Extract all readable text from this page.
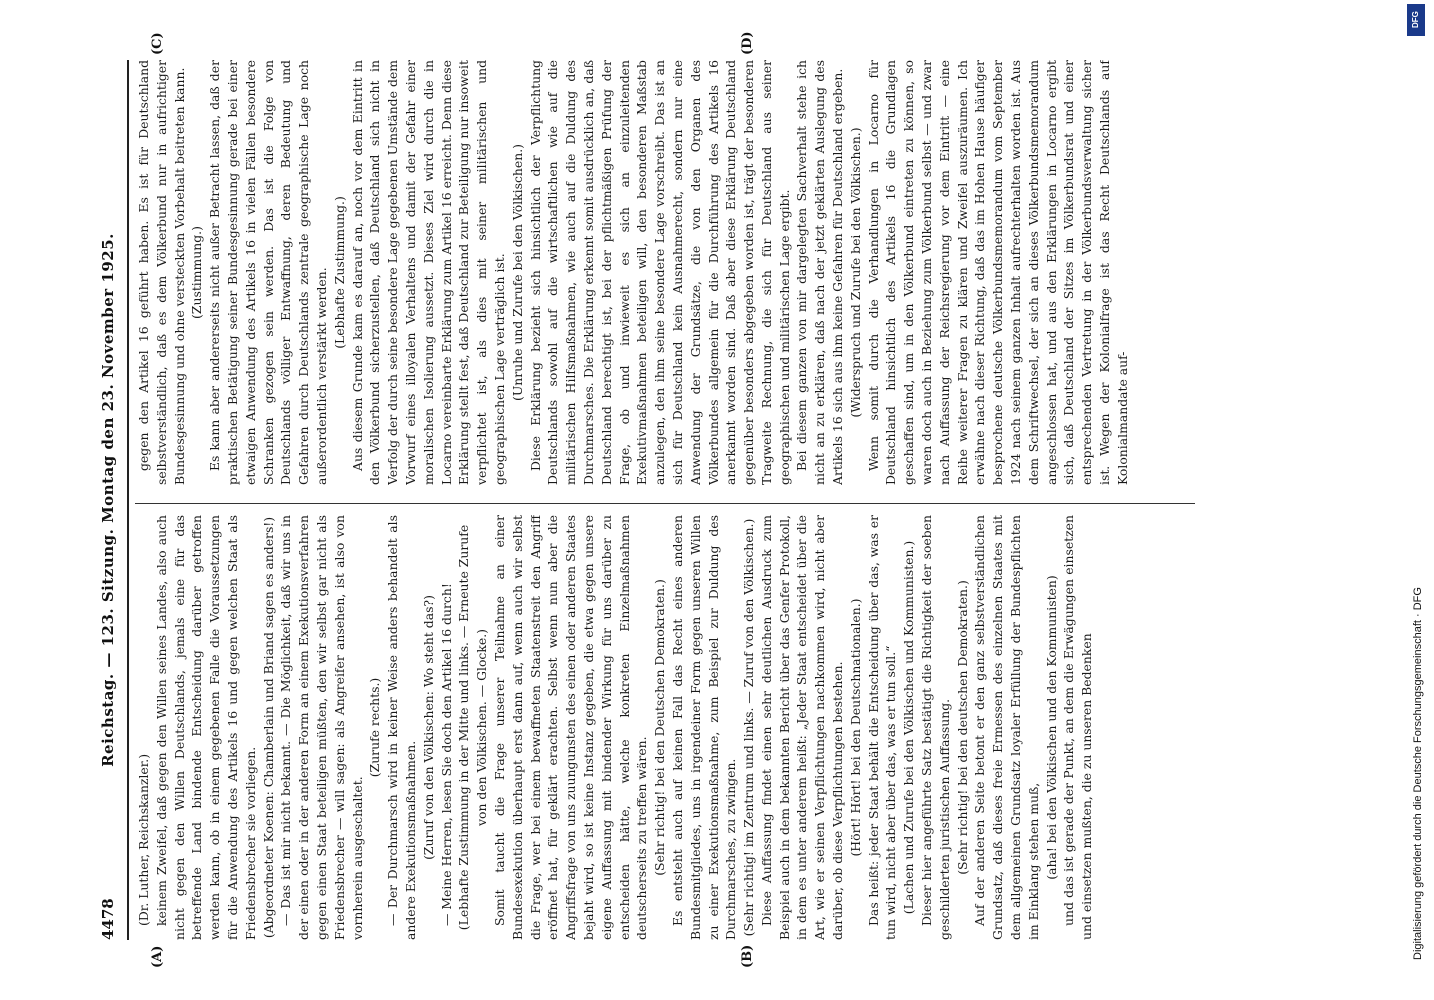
4478
Reichstag. — 123. Sitzung. Montag den 23. November 1925.

(Dr. Luther, Reichskanzler.) keinem Zweifel, daß gegen den Willen seines Landes, also auch nicht gegen den Willen Deutschlands, jemals eine für das betreffende Land bindende Entscheidung darüber getroffen werden kann, ob in einem gegebenen Falle die Voraussetzungen für die Anwendung des Artikels 16 und gegen welchen Staat als Friedensbrecher sie vorliegen. (Abgeordneter Koenen: Chamberlain und Briand sagen es anders!) — Das ist mir nicht bekannt. — Die Möglichkeit, daß wir uns in der einen oder in der anderen Form an einem Exekutionsverfahren gegen einen Staat beteiligen müßten, den wir selbst gar nicht als Friedensbrecher — will sagen: als Angreifer ansehen, ist also von vornherein ausgeschaltet.

(Zurufe rechts.) — Der Durchmarsch wird in keiner Weise anders behandelt als andere Exekutionsmaßnahmen. (Zuruf von den Völkischen: Wo steht das?) — Meine Herren, lesen Sie doch den Artikel 16 durch! (Lebhafte Zustimmung in der Mitte und links. — Erneute Zurufe von den Völkischen. — Glocke.) Somit taucht die Frage unserer Teilnahme an einer Bundesexekution überhaupt erst dann auf, wenn auch wir selbst die Frage, wer bei einem bewaffneten Staatenstreit den Angriff eröffnet hat, für geklärt erachten. Selbst wenn nun aber die Angriffsfrage von uns zuungunsten des einen oder anderen Staates bejaht wird, so ist keine Instanz gegeben, die etwa gegen unsere eigene Auffassung mit bindender Wirkung für uns darüber zu entscheiden hätte, welche konkreten Einzelmaßnahmen deutscherseits zu treffen wären. (Sehr richtig! bei den Deutschen Demokraten.) Es entsteht auch auf keinen Fall das Recht eines anderen Bundesmitgliedes, uns in irgendeiner Form gegen unseren Willen zu einer Exekutionsmaßnahme, zum Beispiel zur Duldung des Durchmarsches, zu zwingen. (Sehr richtig! im Zentrum und links. — Zuruf von den Völkischen.) Diese Auffassung findet einen sehr deutlichen Ausdruck zum Beispiel auch in dem bekannten Bericht über das Genfer Protokoll, in dem es unter anderem heißt: „Jeder Staat entscheidet über die Art, wie er seinen Verpflichtungen nachkommen wird, nicht aber darüber, ob diese Verpflichtungen bestehen. (Hört! Hört! bei den Deutschnationalen.) Das heißt: jeder Staat behält die Entscheidung über das, was er tun wird, nicht aber über das, was er tun soll.“ (Lachen und Zurufe bei den Völkischen und Kommunisten.) Dieser hier angeführte Satz bestätigt die Richtigkeit der soeben geschilderten juristischen Auffassung. (Sehr richtig! bei den deutschen Demokraten.) Auf der anderen Seite betont er den ganz selbstverständlichen Grundsatz, daß dieses freie Ermessen des einzelnen Staates mit dem allgemeinen Grundsatz loyaler Erfüllung der Bundespflichten im Einklang stehen muß, (aha! bei den Völkischen und den Kommunisten) und das ist gerade der Punkt, an dem die Erwägungen einsetzen und einsetzen mußten, die zu unseren Bedenken

gegen den Artikel 16 geführt haben. Es ist für Deutschland selbstverständlich, daß es dem Völkerbund nur in aufrichtiger Bundesgesinnung und ohne versteckten Vorbehalt beitreten kann. (Zustimmung.) Es kann aber andererseits nicht außer Betracht lassen, daß der praktischen Betätigung seiner Bundesgesinnung gerade bei einer etwaigen Anwendung des Artikels 16 in vielen Fällen besondere Schranken gezogen sein werden. Das ist die Folge von Deutschlands völliger Entwaffnung, deren Bedeutung und Gefahren durch Deutschlands zentrale geographische Lage noch außerordentlich verstärkt werden. (Lebhafte Zustimmung.) Aus diesem Grunde kam es darauf an, noch vor dem Eintritt in den Völkerbund sicherzustellen, daß Deutschland sich nicht in Verfolg der durch seine besondere Lage gegebenen Umstände dem Vorwurf eines illoyalen Verhaltens und damit der Gefahr einer moralischen Isolierung aussetzt. Dieses Ziel wird durch die in Locarno vereinbarte Erklärung zum Artikel 16 erreicht. Denn diese Erklärung stellt fest, daß Deutschland zur Beteiligung nur insoweit verpflichtet ist, als dies mit seiner militärischen und geographischen Lage verträglich ist. (Unruhe und Zurufe bei den Völkischen.) Diese Erklärung bezieht sich hinsichtlich der Verpflichtung Deutschlands sowohl auf die wirtschaftlichen wie auf die militärischen Hilfsmaßnahmen, wie auch auf die Duldung des Durchmarsches. Die Erklärung erkennt somit ausdrücklich an, daß Deutschland berechtigt ist, bei der pflichtmäßigen Prüfung der Frage, ob und inwieweit es sich an einzuleitenden Exekutivmaßnahmen beteiligen will, den besonderen Maßstab anzulegen, den ihm seine besondere Lage vorschreibt. Das ist an sich für Deutschland kein Ausnahmerecht, sondern nur eine Anwendung der Grundsätze, die von den Organen des Völkerbundes allgemein für die Durchführung des Artikels 16 anerkannt worden sind. Daß aber diese Erklärung Deutschland gegenüber besonders abgegeben worden ist, trägt der besonderen Tragweite Rechnung, die sich für Deutschland aus seiner geographischen und militärischen Lage ergibt. Bei diesem ganzen von mir dargelegten Sachverhalt stehe ich nicht an zu erklären, daß nach der jetzt geklärten Auslegung des Artikels 16 sich aus ihm keine Gefahren für Deutschland ergeben. (Widerspruch und Zurufe bei den Völkischen.) Wenn somit durch die Verhandlungen in Locarno für Deutschland hinsichtlich des Artikels 16 die Grundlagen geschaffen sind, um in den Völkerbund eintreten zu können, so waren doch auch in Beziehung zum Völkerbund selbst — und zwar nach Auffassung der Reichsregierung vor dem Eintritt — eine Reihe weiterer Fragen zu klären und Zweifel auszuräumen. Ich erwähne nach dieser Richtung, daß das im Hohen Hause häufiger besprochene deutsche Völkerbundsmemorandum vom September 1924 nach seinem ganzen Inhalt aufrechterhalten worden ist. Aus dem Schriftwechsel, der sich an dieses Völkerbundsmemorandum angeschlossen hat, und aus den Erklärungen in Locarno ergibt sich, daß Deutschland der Sitzes im Völkerbundsrat und einer entsprechenden Vertretung in der Völkerbundsverwaltung sicher ist. Wegen der Kolonialfrage ist das Recht Deutschlands auf Kolonialmandate auf-

(A)	(B)
(C)	(D)
DFG
Digitalisierung gefördert durch die Deutsche Forschungsgemeinschaft · DFG
